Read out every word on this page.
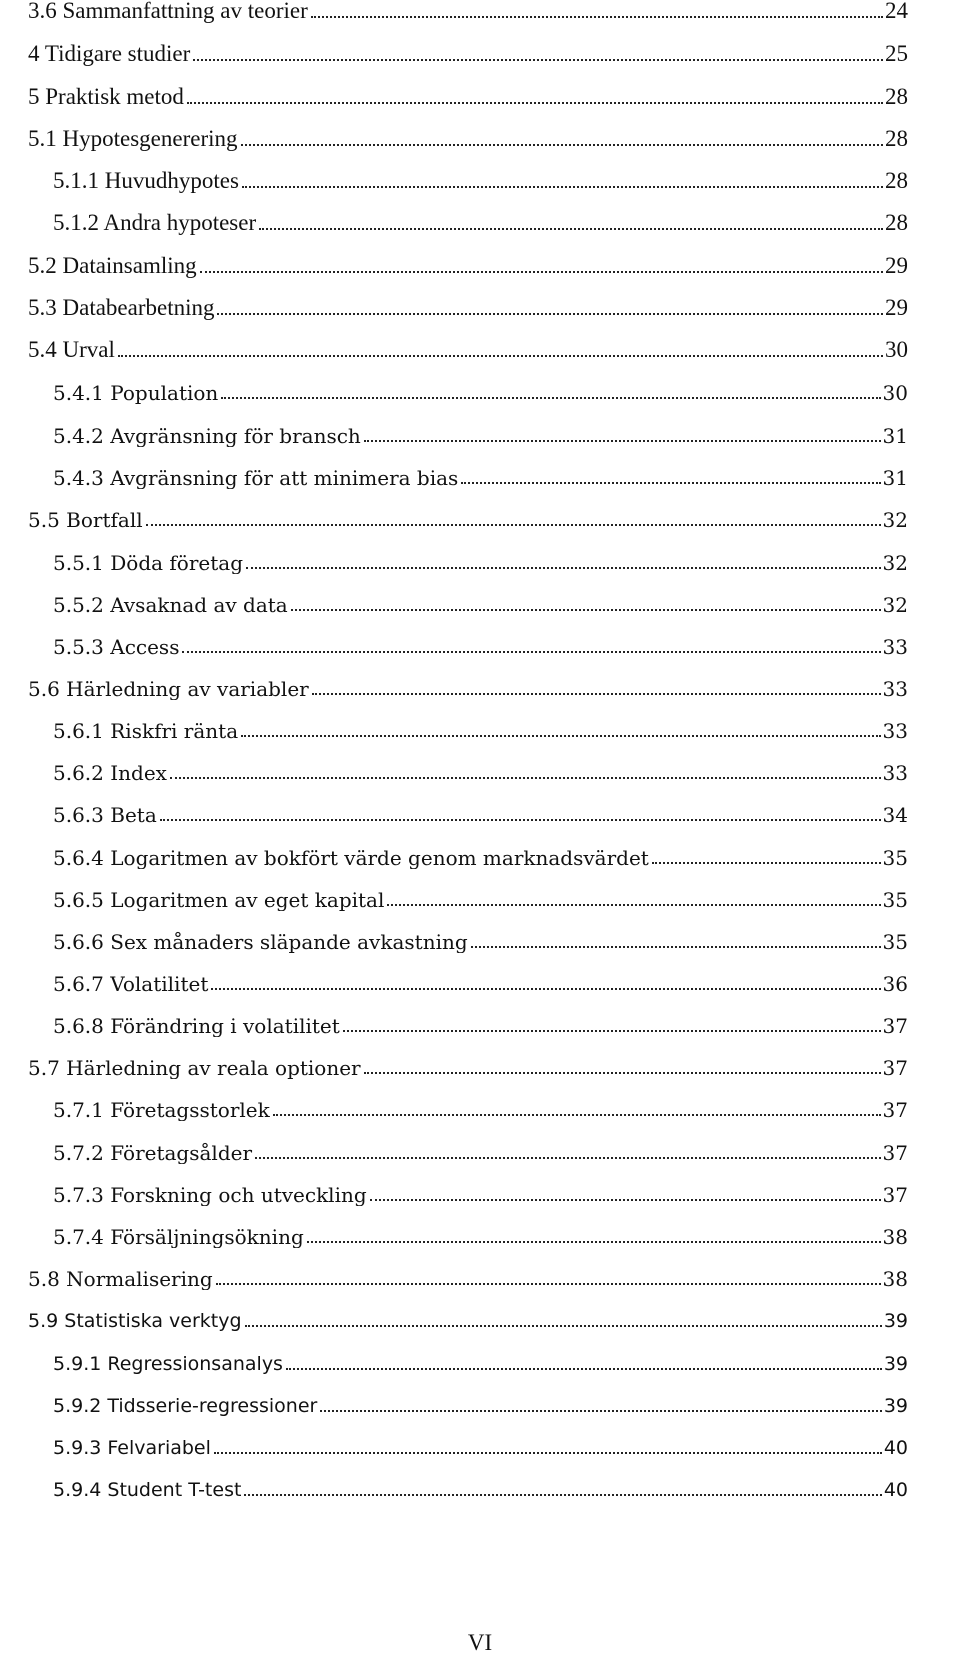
3.6 Sammanfattning av teorier	24
4 Tidigare studier	25
5 Praktisk metod	28
5.1 Hypotesgenerering	28
5.1.1 Huvudhypotes	28
5.1.2 Andra hypoteser	28
5.2 Datainsamling	29
5.3 Databearbetning	29
5.4 Urval	30
5.4.1 Population	30
5.4.2 Avgränsning för bransch	31
5.4.3 Avgränsning för att minimera bias	31
5.5 Bortfall	32
5.5.1 Döda företag	32
5.5.2 Avsaknad av data	32
5.5.3 Access	33
5.6 Härledning av variabler	33
5.6.1 Riskfri ränta	33
5.6.2 Index	33
5.6.3 Beta	34
5.6.4 Logaritmen av bokfört värde genom marknadsvärdet	35
5.6.5 Logaritmen av eget kapital	35
5.6.6 Sex månaders släpande avkastning	35
5.6.7 Volatilitet	36
5.6.8 Förändring i volatilitet	37
5.7 Härledning av reala optioner	37
5.7.1 Företagsstorlek	37
5.7.2 Företagsålder	37
5.7.3 Forskning och utveckling	37
5.7.4 Försäljningsökning	38
5.8 Normalisering	38
5.9 Statistiska verktyg	39
5.9.1 Regressionsanalys	39
5.9.2 Tidsserie-regressioner	39
5.9.3 Felvariabel	40
5.9.4 Student T-test	40
VI
